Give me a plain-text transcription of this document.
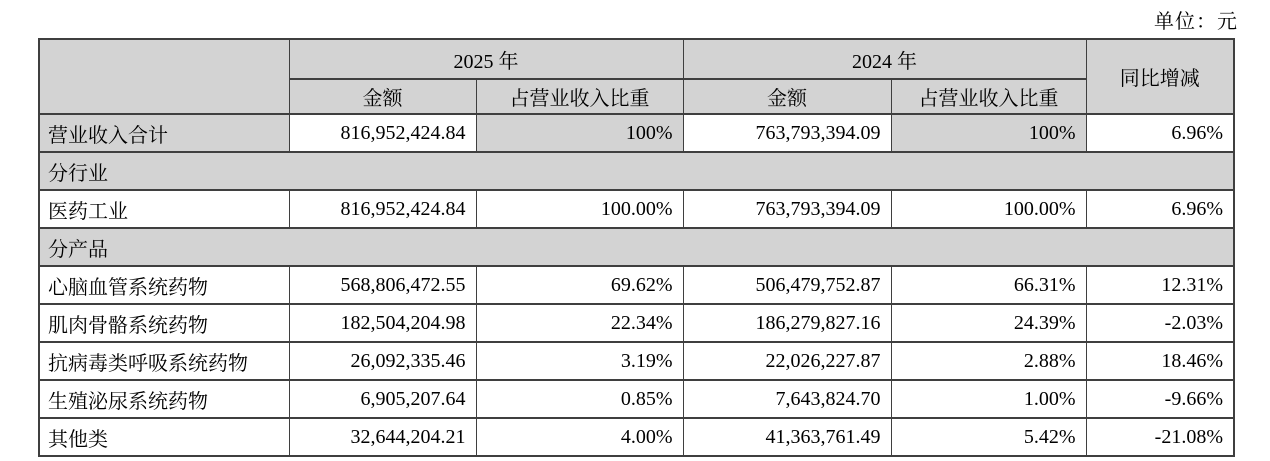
单位：元
	2025 年		2024 年		同比增减
	金额	占营业收入比重	金额	占营业收入比重	
营业收入合计	816,952,424.84	100%	763,793,394.09	100%	6.96%
分行业					
医药工业	816,952,424.84	100.00%	763,793,394.09	100.00%	6.96%
分产品					
心脑血管系统药物	568,806,472.55	69.62%	506,479,752.87	66.31%	12.31%
肌肉骨骼系统药物	182,504,204.98	22.34%	186,279,827.16	24.39%	-2.03%
抗病毒类呼吸系统药物	26,092,335.46	3.19%	22,026,227.87	2.88%	18.46%
生殖泌尿系统药物	6,905,207.64	0.85%	7,643,824.70	1.00%	-9.66%
其他类	32,644,204.21	4.00%	41,363,761.49	5.42%	-21.08%
